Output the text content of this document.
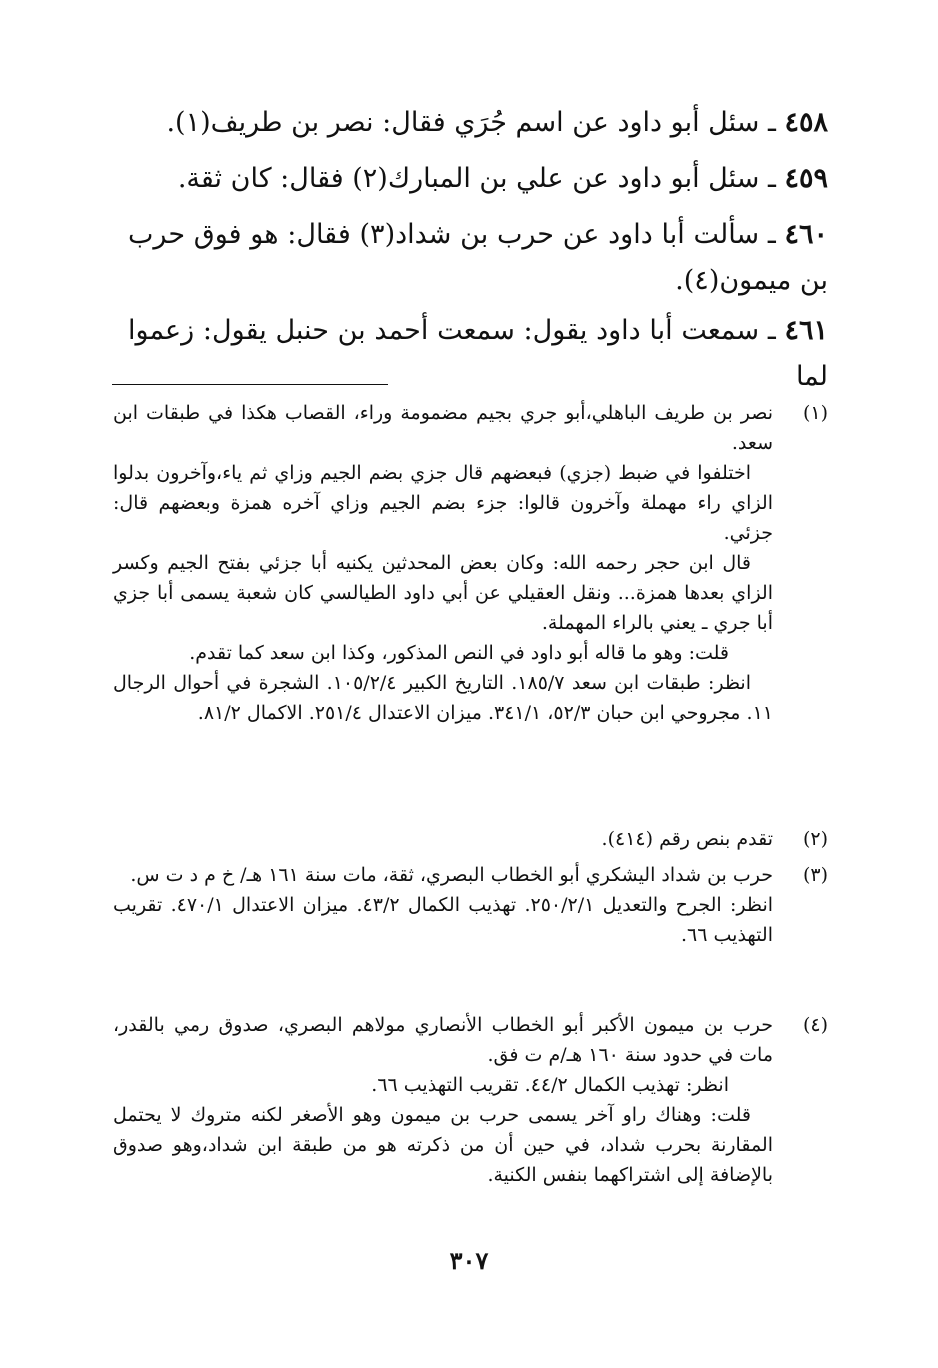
٤٥٨ ـ سئل أبو داود عن اسم جُرَي فقال: نصر بن طريف(١).

٤٥٩ ـ سئل أبو داود عن علي بن المبارك(٢) فقال: كان ثقة.

٤٦٠ ـ سألت أبا داود عن حرب بن شداد(٣) فقال: هو فوق حرب بن ميمون(٤).

٤٦١ ـ سمعت أبا داود يقول: سمعت أحمد بن حنبل يقول: زعموا لما

(١)

نصر بن طريف الباهلي،أبو جري بجيم مضمومة وراء، القصاب هكذا في طبقات ابن سعد.

اختلفوا في ضبط (جزي) فبعضهم قال جزي بضم الجيم وزاي ثم ياء،وآخرون بدلوا الزاي راء مهملة وآخرون قالوا: جزء بضم الجيم وزاي آخره همزة وبعضهم قال: جزئي.

قال ابن حجر رحمه الله: وكان بعض المحدثين يكنيه أبا جزئي بفتح الجيم وكسر الزاي بعدها همزة... ونقل العقيلي عن أبي داود الطيالسي كان شعبة يسمى أبا جزي أبا جري ـ يعني بالراء المهملة.

قلت: وهو ما قاله أبو داود في النص المذكور، وكذا ابن سعد كما تقدم.

انظر: طبقات ابن سعد ١٨٥/٧. التاريخ الكبير ١٠٥/٢/٤. الشجرة في أحوال الرجال ١١. مجروحي ابن حبان ٥٢/٣، ٣٤١/١. ميزان الاعتدال ٢٥١/٤. الاكمال ٨١/٢.

(٢)

تقدم بنص رقم (٤١٤).

(٣)

حرب بن شداد اليشكري أبو الخطاب البصري، ثقة، مات سنة ١٦١ هـ/ خ م د ت س.

انظر: الجرح والتعديل ٢٥٠/٢/١. تهذيب الكمال ٤٣/٢. ميزان الاعتدال ٤٧٠/١. تقريب التهذيب ٦٦.

(٤)

حرب بن ميمون الأكبر أبو الخطاب الأنصاري مولاهم البصري، صدوق رمي بالقدر، مات في حدود سنة ١٦٠ هـ/م ت فق.

انظر: تهذيب الكمال ٤٤/٢. تقريب التهذيب ٦٦.

قلت: وهناك راو آخر يسمى حرب بن ميمون وهو الأصغر لكنه متروك لا يحتمل المقارنة بحرب شداد، في حين أن من ذكرته هو من طبقة ابن شداد،وهو صدوق بالإضافة إلى اشتراكهما بنفس الكنية.

٣٠٧
